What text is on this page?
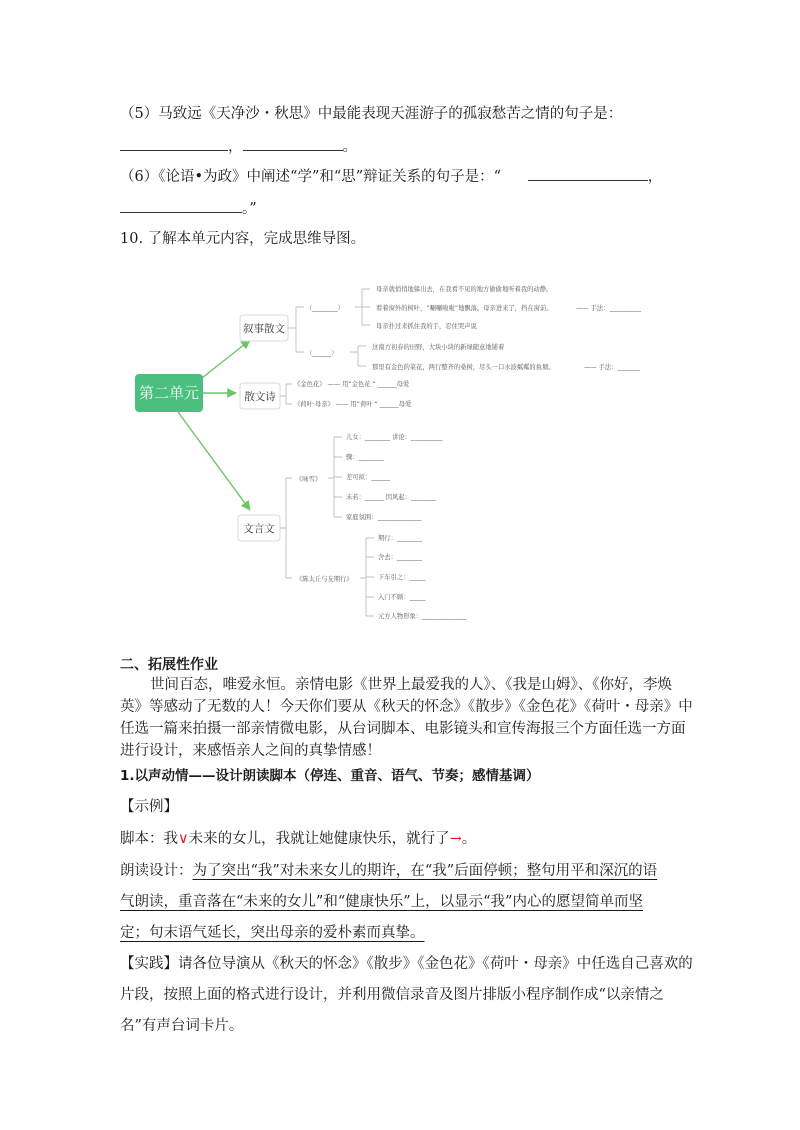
（5）马致远《天净沙・秋思》中最能表现天涯游子的孤寂愁苦之情的句子是：
，	。
（6）《论语•为政》中阐述“学”和“思”辩证关系的句子是：“	，
。”
10. 了解本单元内容，完成思维导图。
第二单元
叙事散文
散文诗
文言文
（________）
（______）
母亲就悄悄地躲出去，在我看不见的地方偷偷地听着我的动静。
看着窗外的树叶，“唰唰啦啦”地飘落。母亲进来了，挡在窗前。	—— 手法：__________
母亲扑过来抓住我的手，忍住哭声说
这南方初春的田野，大块小块的新绿随意地铺着
那里有金色的菜花，两行整齐的桑树，尽头一口水波粼粼的鱼塘。	—— 手法：_______
《金色花》 —— 用“金色花 “ ______母爱
《荷叶·母亲》 —— 用“荷叶 “ ______母爱
《咏雪》
《陈太丘与友期行》
儿女：________ 讲论：__________
骤：________
差可拟：______
未若：______ 因风起：________
家庭氛围：______________
期行：________
舍去：________
下车引之：_____
入门不顾：_____
元方人物形象：______________
二、拓展性作业
世间百态，唯爱永恒。亲情电影《世界上最爱我的人》、《我是山姆》、《你好，李焕
英》等感动了无数的人！今天你们要从《秋天的怀念》《散步》《金色花》《荷叶・母亲》中
任选一篇来拍摄一部亲情微电影，从台词脚本、电影镜头和宣传海报三个方面任选一方面
进行设计，来感悟亲人之间的真挚情感！
1.以声动情——设计朗读脚本（停连、重音、语气、节奏；感情基调）
【示例】
脚本：我∨未来的女儿，我就让她健康快乐，就行了→。
朗读设计：为了突出“我”对未来女儿的期许，在“我”后面停顿；整句用平和深沉的语
气朗读，重音落在“未来的女儿”和“健康快乐”上，以显示“我”内心的愿望简单而坚
定；句末语气延长，突出母亲的爱朴素而真挚。
【实践】请各位导演从《秋天的怀念》《散步》《金色花》《荷叶・母亲》中任选自己喜欢的
片段，按照上面的格式进行设计，并利用微信录音及图片排版小程序制作成“以亲情之
名”有声台词卡片。
